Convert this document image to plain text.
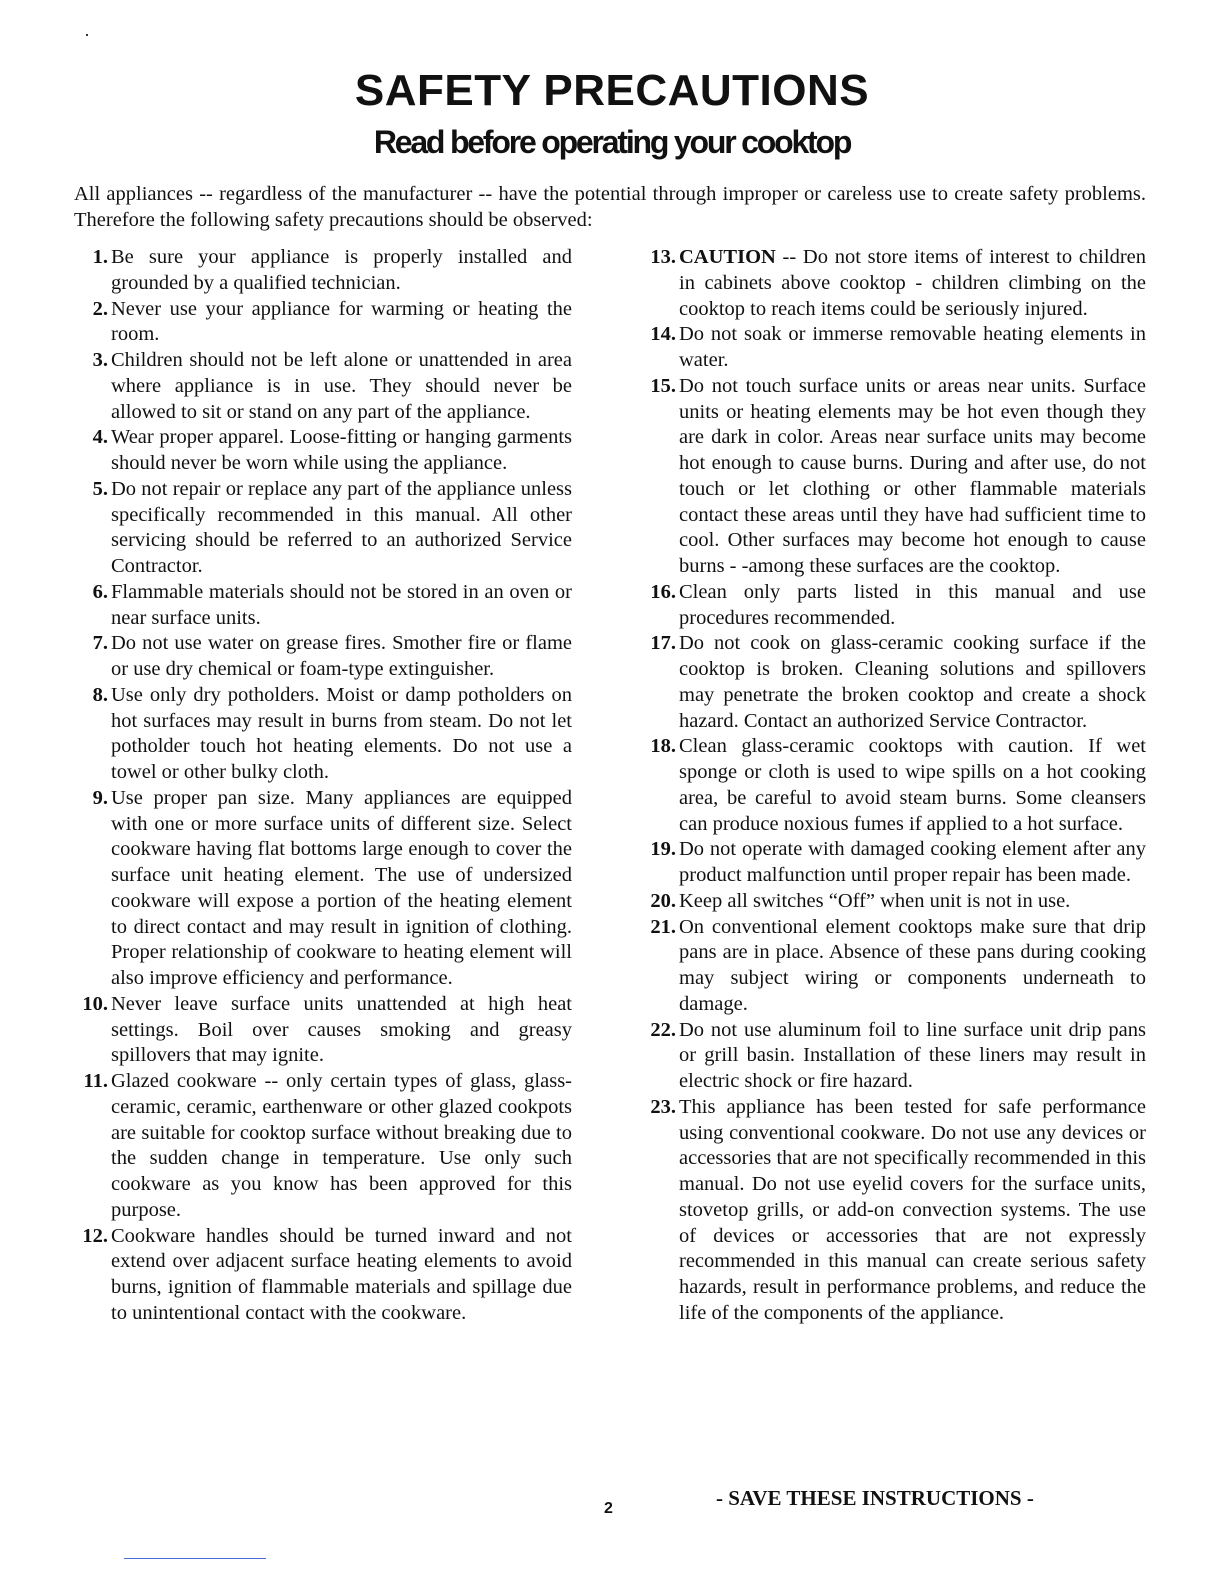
SAFETY PRECAUTIONS
Read before operating your cooktop

All appliances -- regardless of the manufacturer -- have the potential through improper or careless use to create safety problems. Therefore the following safety precautions should be observed:

1. Be sure your appliance is properly installed and grounded by a qualified technician.
2. Never use your appliance for warming or heating the room.
3. Children should not be left alone or unattended in area where appliance is in use. They should never be allowed to sit or stand on any part of the appliance.
4. Wear proper apparel. Loose-fitting or hanging garments should never be worn while using the appliance.
5. Do not repair or replace any part of the appliance unless specifically recommended in this manual. All other servicing should be referred to an authorized Service Contractor.
6. Flammable materials should not be stored in an oven or near surface units.
7. Do not use water on grease fires. Smother fire or flame or use dry chemical or foam-type extinguisher.
8. Use only dry potholders. Moist or damp potholders on hot surfaces may result in burns from steam. Do not let potholder touch hot heating elements. Do not use a towel or other bulky cloth.
9. Use proper pan size. Many appliances are equipped with one or more surface units of different size. Select cookware having flat bottoms large enough to cover the surface unit heating element. The use of undersized cookware will expose a portion of the heating element to direct contact and may result in ignition of clothing. Proper relationship of cookware to heating element will also improve efficiency and performance.
10. Never leave surface units unattended at high heat settings. Boil over causes smoking and greasy spillovers that may ignite.
11. Glazed cookware -- only certain types of glass, glass-ceramic, ceramic, earthenware or other glazed cookpots are suitable for cooktop surface without breaking due to the sudden change in temperature. Use only such cookware as you know has been approved for this purpose.
12. Cookware handles should be turned inward and not extend over adjacent surface heating elements to avoid burns, ignition of flammable materials and spillage due to unintentional contact with the cookware.
13. CAUTION -- Do not store items of interest to children in cabinets above cooktop - children climbing on the cooktop to reach items could be seriously injured.
14. Do not soak or immerse removable heating elements in water.
15. Do not touch surface units or areas near units. Surface units or heating elements may be hot even though they are dark in color. Areas near surface units may become hot enough to cause burns. During and after use, do not touch or let clothing or other flammable materials contact these areas until they have had sufficient time to cool. Other surfaces may become hot enough to cause burns - -among these surfaces are the cooktop.
16. Clean only parts listed in this manual and use procedures recommended.
17. Do not cook on glass-ceramic cooking surface if the cooktop is broken. Cleaning solutions and spillovers may penetrate the broken cooktop and create a shock hazard. Contact an authorized Service Contractor.
18. Clean glass-ceramic cooktops with caution. If wet sponge or cloth is used to wipe spills on a hot cooking area, be careful to avoid steam burns. Some cleansers can produce noxious fumes if applied to a hot surface.
19. Do not operate with damaged cooking element after any product malfunction until proper repair has been made.
20. Keep all switches “Off” when unit is not in use.
21. On conventional element cooktops make sure that drip pans are in place. Absence of these pans during cooking may subject wiring or components underneath to damage.
22. Do not use aluminum foil to line surface unit drip pans or grill basin. Installation of these liners may result in electric shock or fire hazard.
23. This appliance has been tested for safe performance using conventional cookware. Do not use any devices or accessories that are not specifically recommended in this manual. Do not use eyelid covers for the surface units, stovetop grills, or add-on convection systems. The use of devices or accessories that are not expressly recommended in this manual can create serious safety hazards, result in performance problems, and reduce the life of the components of the appliance.
2	- SAVE THESE INSTRUCTIONS -
